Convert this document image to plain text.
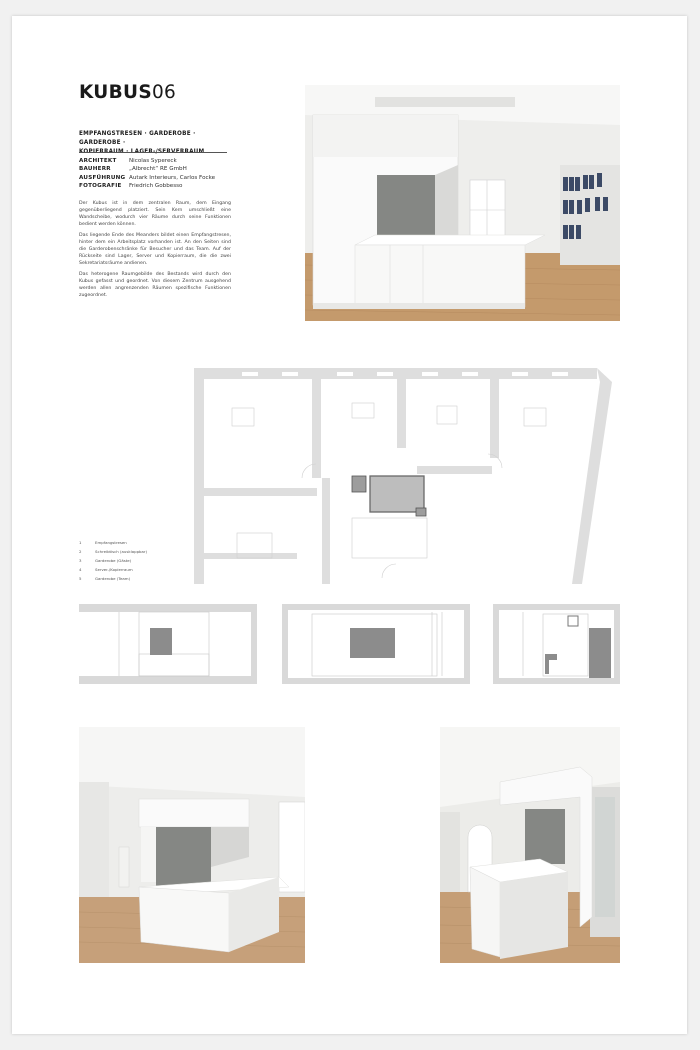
KUBUS06
EMPFANGSTRESEN · GARDEROBE · GARDEROBE ·
KOPIERRAUM · LAGER-/SERVERRAUM
ARCHITEKT	Nicolas Sypereck
BAUHERR	„Albrecht“ RE GmbH
AUSFÜHRUNG Autark Interieurs, Carlos Focke
FOTOGRAFIE	Friedrich Gobbesso

Der Kubus ist in dem zentralen Raum, dem Eingang gegenüberliegend platziert. Sein Kern umschließt eine Wandscheibe, wodurch vier Räume durch seine Funktionen bedient werden können.

Das liegende Ende des Meanders bildet einen Empfangstresen, hinter dem ein Arbeitsplatz vorhanden ist. An den Seiten sind die Garderobenschränke für Besucher und das Team. Auf der Rückseite sind Lager, Server und Kopierraum, die die zwei Sekretariatsräume andienen.

Das heterogene Raumgebilde des Bestands wird durch den Kubus gefasst und geordnet. Von diesem Zentrum ausgehend werden allen angrenzenden Räumen spezifische Funktionen zugeordnet.

1	Empfangstresen
2	Schreibtisch (ausklappbar)
3	Garderobe (Gäste)
4	Server-/Kopierraum
5	Garderobe (Team)
